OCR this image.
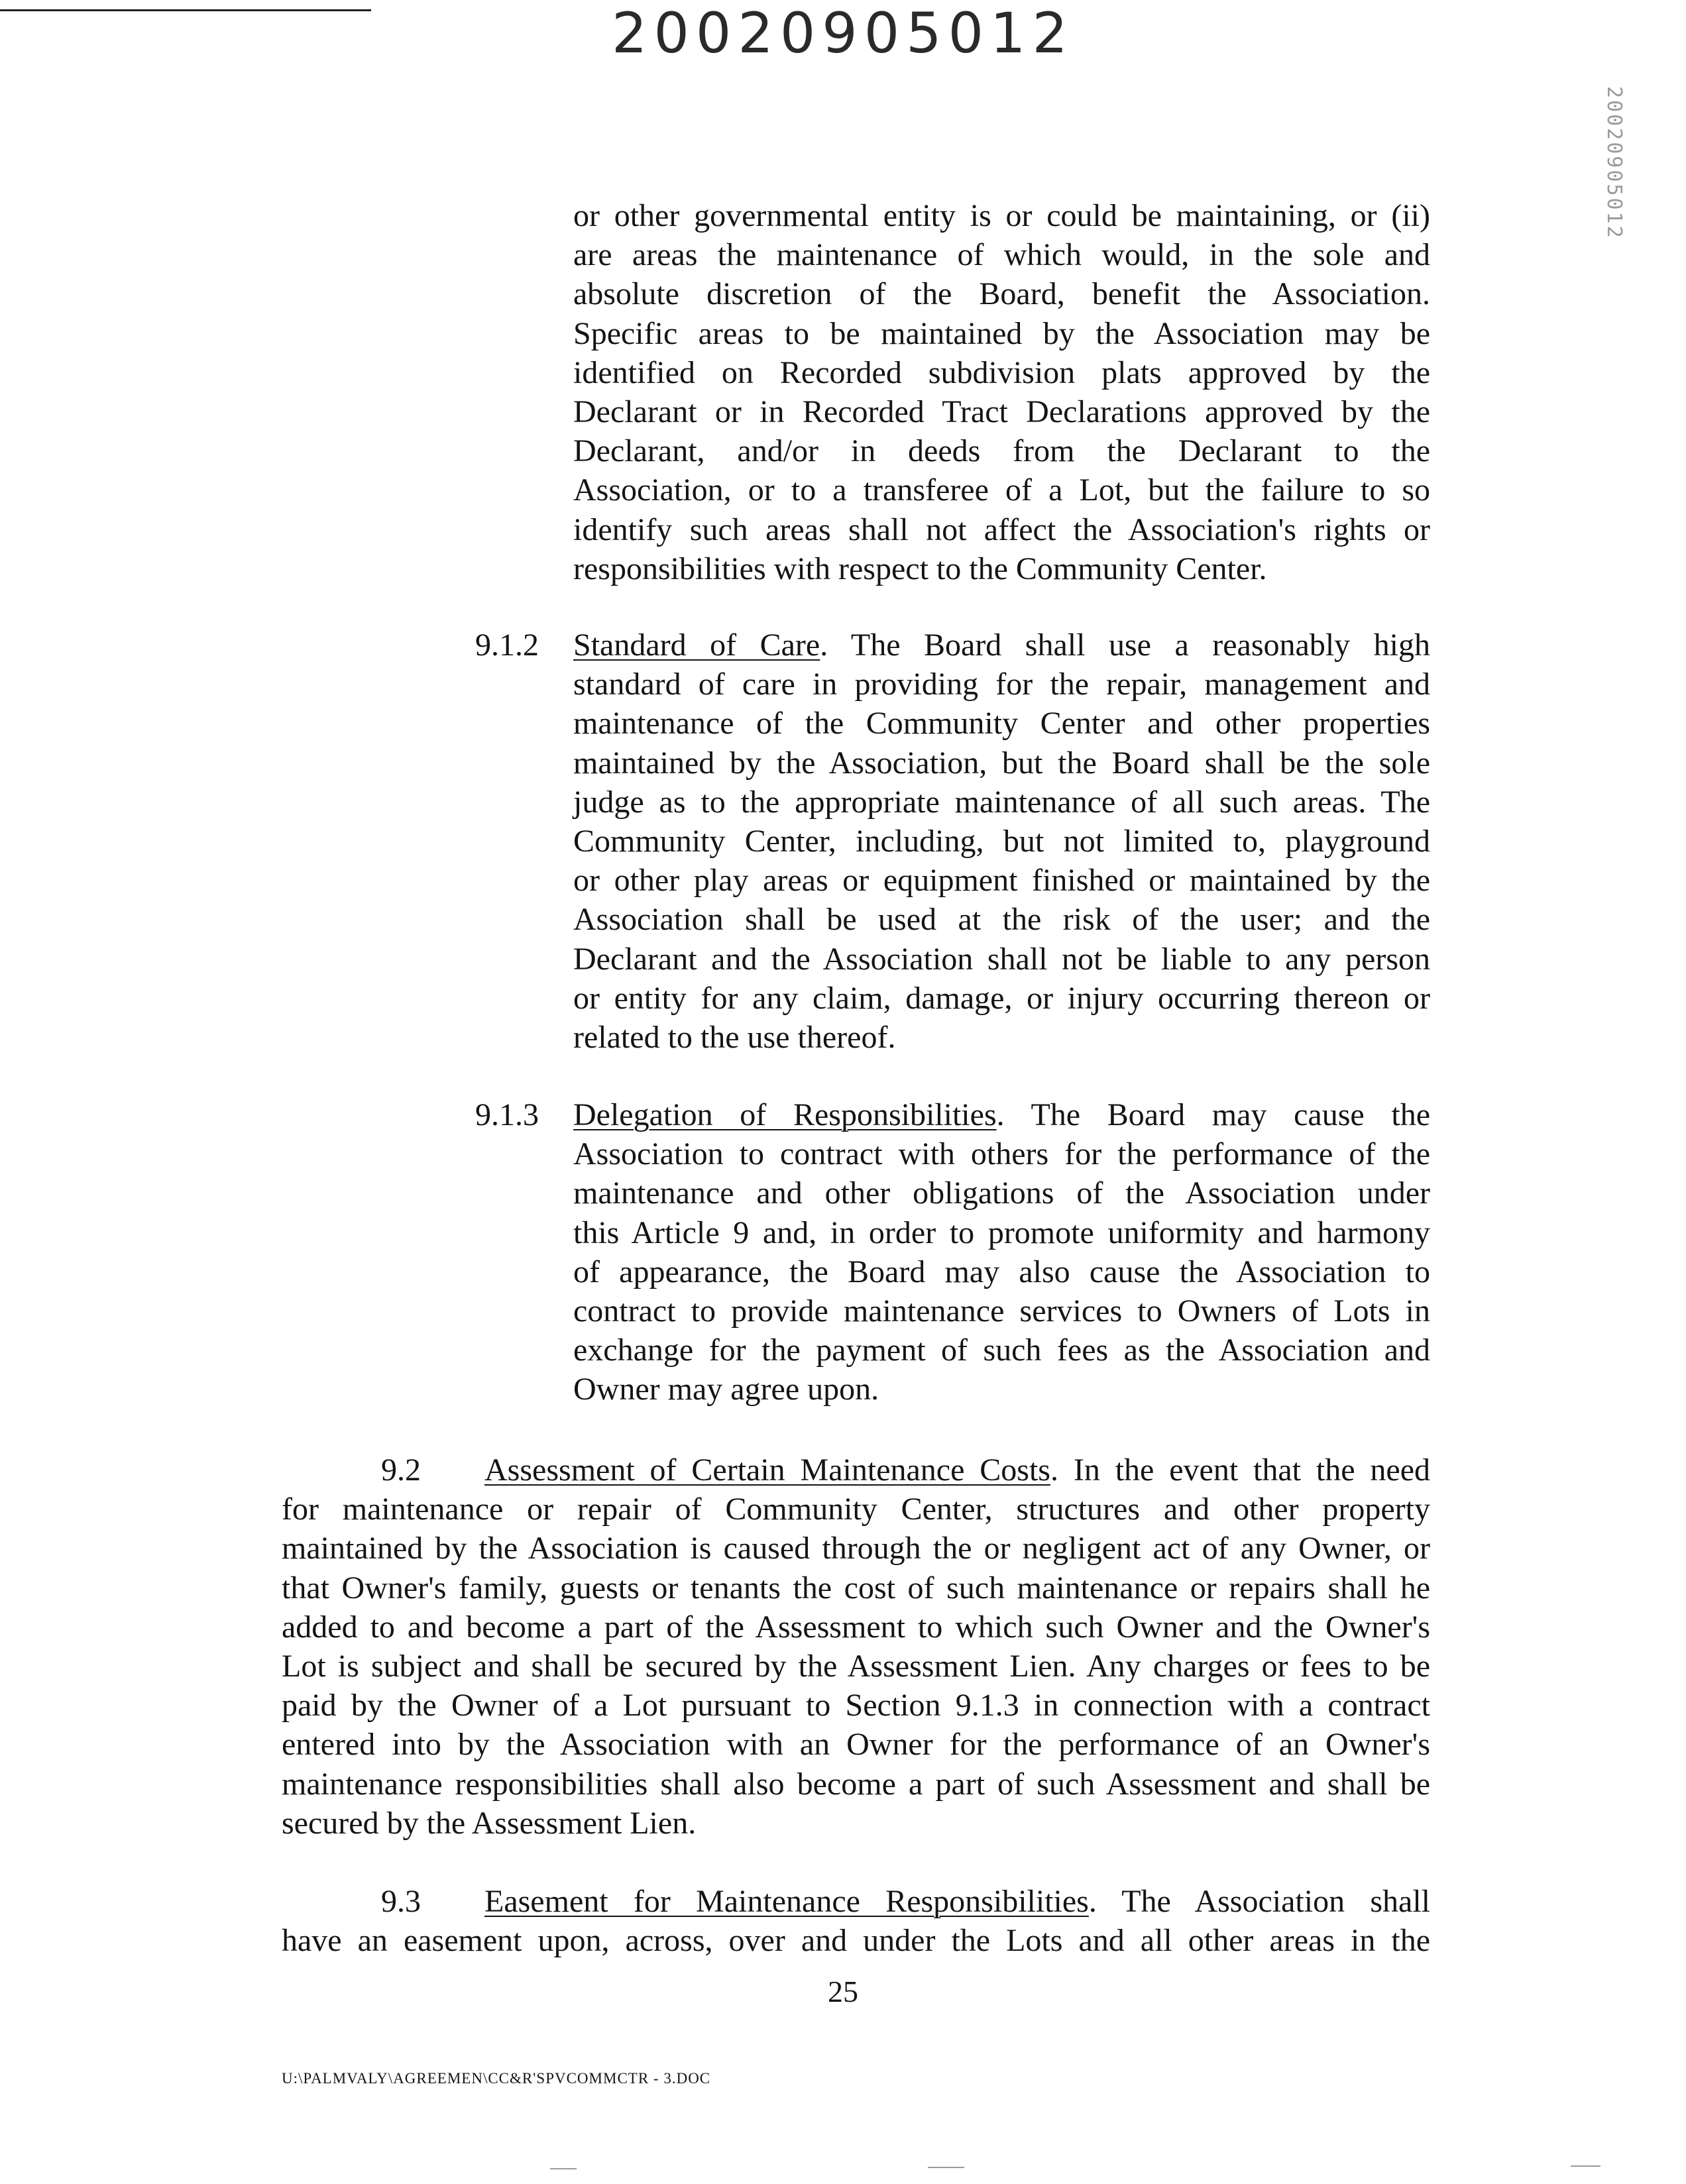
20020905012
20020905012
or other governmental entity is or could be maintaining, or (ii)
are areas the maintenance of which would, in the sole and
absolute discretion of the Board, benefit the Association.
Specific areas to be maintained by the Association may be
identified on Recorded subdivision plats approved by the
Declarant or in Recorded Tract Declarations approved by the
Declarant, and/or in deeds from the Declarant to the
Association, or to a transferee of a Lot, but the failure to so
identify such areas shall not affect the Association's rights or
responsibilities with respect to the Community Center.
9.1.2 Standard of Care. The Board shall use a reasonably high
standard of care in providing for the repair, management and
maintenance of the Community Center and other properties
maintained by the Association, but the Board shall be the sole
judge as to the appropriate maintenance of all such areas. The
Community Center, including, but not limited to, playground
or other play areas or equipment finished or maintained by the
Association shall be used at the risk of the user; and the
Declarant and the Association shall not be liable to any person
or entity for any claim, damage, or injury occurring thereon or
related to the use thereof.
9.1.3 Delegation of Responsibilities. The Board may cause the
Association to contract with others for the performance of the
maintenance and other obligations of the Association under
this Article 9 and, in order to promote uniformity and harmony
of appearance, the Board may also cause the Association to
contract to provide maintenance services to Owners of Lots in
exchange for the payment of such fees as the Association and
Owner may agree upon.
9.2	Assessment of Certain Maintenance Costs. In the event that the need
for maintenance or repair of Community Center, structures and other property
maintained by the Association is caused through the or negligent act of any Owner, or
that Owner's family, guests or tenants the cost of such maintenance or repairs shall he
added to and become a part of the Assessment to which such Owner and the Owner's
Lot is subject and shall be secured by the Assessment Lien. Any charges or fees to be
paid by the Owner of a Lot pursuant to Section 9.1.3 in connection with a contract
entered into by the Association with an Owner for the performance of an Owner's
maintenance responsibilities shall also become a part of such Assessment and shall be
secured by the Assessment Lien.
9.3	Easement for Maintenance Responsibilities. The Association shall
have an easement upon, across, over and under the Lots and all other areas in the
25
U:\PALMVALY\AGREEMEN\CC&R'SPVCOMMCTR - 3.DOC
